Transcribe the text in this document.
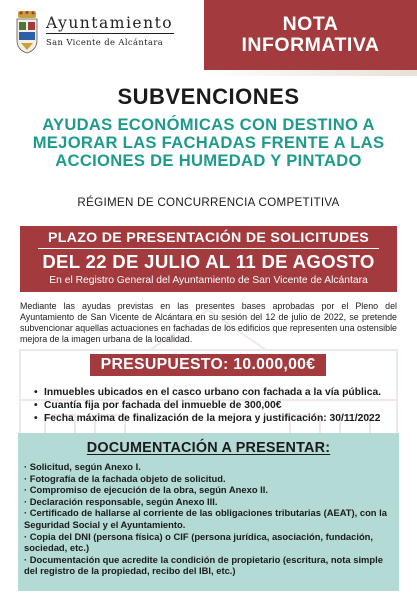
Ayuntamiento
San Vicente de Alcántara
NOTA
INFORMATIVA
SUBVENCIONES
AYUDAS ECONÓMICAS CON DESTINO A MEJORAR LAS FACHADAS FRENTE A LAS ACCIONES DE HUMEDAD Y PINTADO
RÉGIMEN DE CONCURRENCIA COMPETITIVA
PLAZO DE PRESENTACIÓN DE SOLICITUDES
DEL 22 DE JULIO AL 11 DE AGOSTO
En el Registro General del Ayuntamiento de San Vicente de Alcántara
Mediante las ayudas previstas en las presentes bases aprobadas por el Pleno del Ayuntamiento de San Vicente de Alcántara en su sesión del 12 de julio de 2022, se pretende subvencionar aquellas actuaciones en fachadas de los edificios que representen una ostensible mejora de la imagen urbana de la localidad.
PRESUPUESTO: 10.000,00€
• Inmuebles ubicados en el casco urbano con fachada a la vía pública.
• Cuantía fija por fachada del inmueble de 300,00€
• Fecha máxima de finalización de la mejora y justificación: 30/11/2022
DOCUMENTACIÓN A PRESENTAR:
· Solicitud, según Anexo I.
· Fotografía de la fachada objeto de solicitud.
· Compromiso de ejecución de la obra, según Anexo II.
· Declaración responsable, según Anexo III.
· Certificado de hallarse al corriente de las obligaciones tributarias (AEAT), con la Seguridad Social y el Ayuntamiento.
· Copia del DNI (persona física) o CIF (persona jurídica, asociación, fundación, sociedad, etc.)
· Documentación que acredite la condición de propietario (escritura, nota simple del registro de la propiedad, recibo del IBI, etc.)
